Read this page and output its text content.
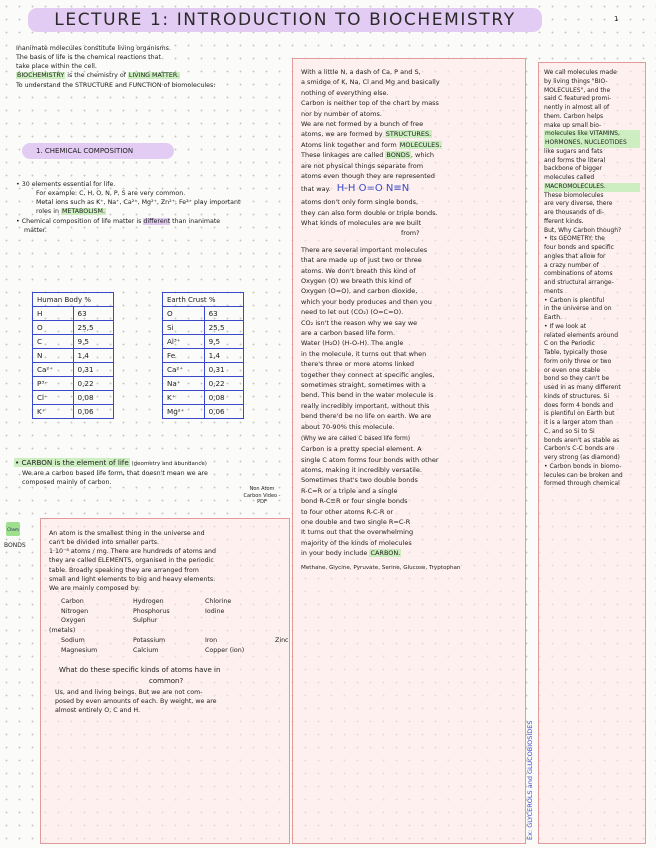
LECTURE 1: INTRODUCTION TO BIOCHEMISTRY	1
Inanimate molecules constitute living organisms.
The basis of life is the chemical reactions that
take place within the cell.
BIOCHEMISTRY is the chemistry of LIVING MATTER.
To understand the STRUCTURE and FUNCTION of biomolecules:
1. CHEMICAL COMPOSITION
• 30 elements essential for life.
For example: C, H, O, N, P, S are very common.
Metal ions such as K⁺, Na⁺, Ca²⁺, Mg²⁺, Zn²⁺, Fe²⁺ play important
roles in METABOLISM.
• Chemical composition of life matter is different than inanimate
matter.
Human Body %	
H	63
O	25,5
C	9,5
N	1,4
Ca²⁺	0,31
P³⁻	0,22
Cl⁻	0,08
K⁺	0,06
Earth Crust %	
O	63
Si	25,5
Al³⁺	9,5
Fe	1,4
Ca²⁺	0,31
Na⁺	0,22
K⁺	0,08
Mg²⁺	0,06
• CARBON is the element of life (geometry and abundance)
We are a carbon based life form, that doesn't mean we are
composed mainly of carbon.
Non Atom Carbon Video - PDF
Chem
BONDS
An atom is the smallest thing in the universe and
can't be divided into smaller parts.
1·10⁻⁸ atoms / mg. There are hundreds of atoms and
they are called ELEMENTS, organised in the periodic
table. Broadly speaking they are arranged from
small and light elements to big and heavy elements.
We are mainly composed by:
Carbon	Hydrogen	Chlorine
Nitrogen	Phosphorus	Iodine
Oxygen	Sulphur
(metals)
Sodium	Potassium	Iron	Zinc
Magnesium	Calcium	Copper (ion)
What do these specific kinds of atoms have in
common?
Us, and and living beings. But we are not com-
posed by even amounts of each. By weight, we are
almost entirely O, C and H.
With a little N, a dash of Ca, P and S,
a smidge of K, Na, Cl and Mg and basically
nothing of everything else.
Carbon is neither top of the chart by mass
nor by number of atoms.
We are not formed by a bunch of free
atoms, we are formed by STRUCTURES.
Atoms link together and form MOLECULES.
These linkages are called BONDS, which
are not physical things separate from
atoms even though they are represented
that way. H-H O=O N≡N
atoms don't only form single bonds,
they can also form double or triple bonds.
What kinds of molecules are we built
from?
There are several important molecules
that are made up of just two or three
atoms. We don't breath this kind of
Oxygen (O) we breath this kind of
Oxygen (O=O), and carbon dioxide,
which your body produces and then you
need to let out (CO₂) (O=C=O).
CO₂ isn't the reason why we say we
are a carbon based life form.
Water (H₂O) (H-O-H). The angle
in the molecule, it turns out that when
there's three or more atoms linked
together they connect at specific angles,
sometimes straight, sometimes with a
bend. This bend in the water molecule is
really incredibly important, without this
bend there'd be no life on earth. We are
about 70-90% this molecule.
(Why we are called C based life form)
Carbon is a pretty special element. A
single C atom forms four bonds with other
atoms, making it incredibly versatile.
Sometimes that's two double bonds
R-C=R or a triple and a single
bond R-C≡R or four single bonds
to four other atoms R-C-R or
one double and two single R=C-R
It turns out that the overwhelming
majority of the kinds of molecules
in your body include CARBON.
Methane, Glycine, Pyruvate, Serine, Glucose, Tryptophan
Ex: GLYCEROLS and GLUCOBIOSIDES
We call molecules made
by living things "BIO-
MOLECULES", and the
said C featured promi-
nently in almost all of
them. Carbon helps
make up small bio-
molecules like VITAMINS,
HORMONES, NUCLEOTIDES
like sugars and fats
and forms the literal
backbone of bigger
molecules called
MACROMOLECULES.
These biomolecules
are very diverse, there
are thousands of di-
fferent kinds.
But, Why Carbon though?
• Its GEOMETRY: the
four bonds and specific
angles that allow for
a crazy number of
combinations of atoms
and structural arrange-
ments
• Carbon is plentiful
in the universe and on
Earth.
• If we look at
related elements around
C on the Periodic
Table, typically those
form only three or two
or even one stable
bond so they can't be
used in as many different
kinds of structures. Si
does form 4 bonds and
is plentiful on Earth but
it is a larger atom than
C, and so Si to Si
bonds aren't as stable as
Carbon's C-C bonds are
very strong (as diamond)
• Carbon bonds in biomo-
lecules can be broken and
formed through chemical
